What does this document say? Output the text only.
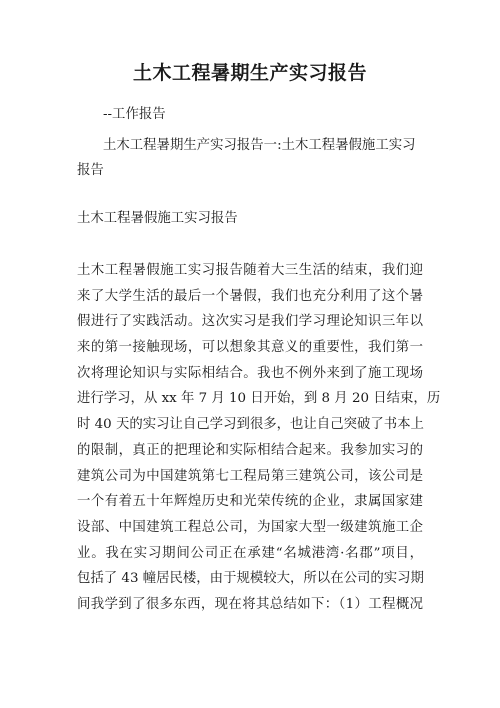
土木工程暑期生产实习报告
--工作报告
土木工程暑期生产实习报告一:土木工程暑假施工实习
报告
土木工程暑假施工实习报告
土木工程暑假施工实习报告随着大三生活的结束，我们迎
来了大学生活的最后一个暑假，我们也充分利用了这个暑
假进行了实践活动。这次实习是我们学习理论知识三年以
来的第一接触现场，可以想象其意义的重要性，我们第一
次将理论知识与实际相结合。我也不例外来到了施工现场
进行学习，从 xx 年 7 月 10 日开始，到 8 月 20 日结束，历
时 40 天的实习让自己学习到很多，也让自己突破了书本上
的限制，真正的把理论和实际相结合起来。我参加实习的
建筑公司为中国建筑第七工程局第三建筑公司，该公司是
一个有着五十年辉煌历史和光荣传统的企业，隶属国家建
设部、中国建筑工程总公司，为国家大型一级建筑施工企
业。我在实习期间公司正在承建“名城港湾·名郡”项目，
包括了 43 幢居民楼，由于规模较大，所以在公司的实习期
间我学到了很多东西，现在将其总结如下：（1）工程概况
